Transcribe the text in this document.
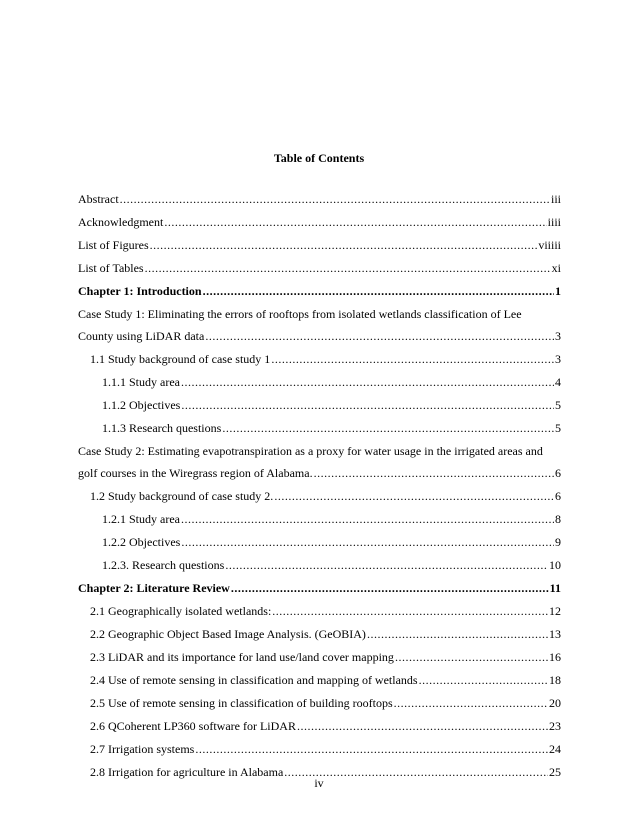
Table of Contents
Abstract .....	iii
Acknowledgment .....	iiii
List of Figures .....	viiiii
List of Tables .....	xi
Chapter 1: Introduction .....	1
Case Study 1: Eliminating the errors of rooftops from isolated wetlands classification of Lee
County using LiDAR data .....	3
1.1 Study background of case study 1 .....	3
1.1.1 Study area .....	4
1.1.2 Objectives .....	5
1.1.3 Research questions .....	5
Case Study 2: Estimating evapotranspiration as a proxy for water usage in the irrigated areas and
golf courses in the Wiregrass region of Alabama. .....	6
1.2 Study background of case study 2. .....	6
1.2.1 Study area .....	8
1.2.2 Objectives .....	9
1.2.3. Research questions .....	10
Chapter 2: Literature Review .....	11
2.1 Geographically isolated wetlands: .....	12
2.2 Geographic Object Based Image Analysis. (GeOBIA) .....	13
2.3 LiDAR and its importance for land use/land cover mapping .....	16
2.4 Use of remote sensing in classification and mapping of wetlands .....	18
2.5 Use of remote sensing in classification of building rooftops .....	20
2.6 QCoherent LP360 software for LiDAR .....	23
2.7 Irrigation systems .....	24
2.8 Irrigation for agriculture in Alabama .....	25
iv
